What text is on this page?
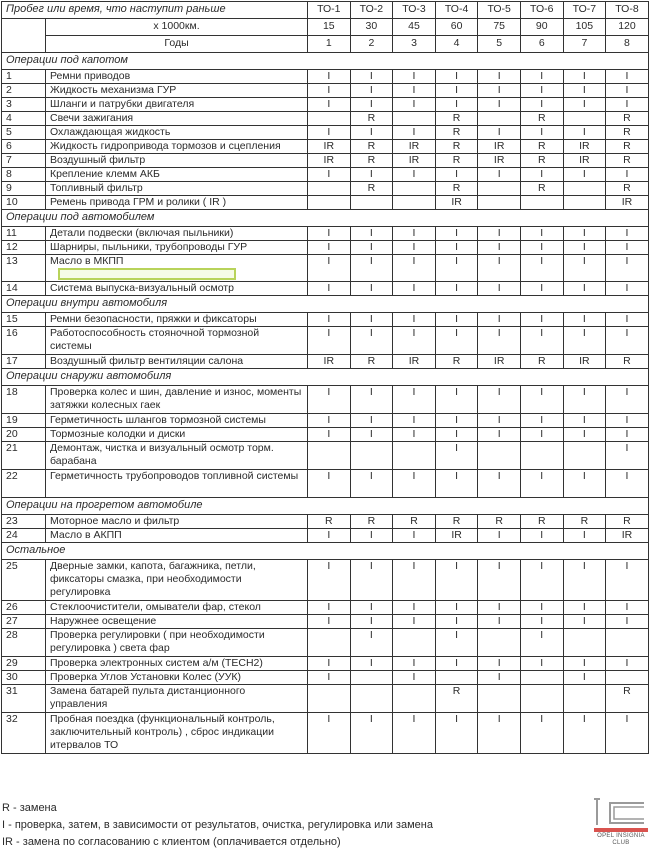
Пробег или время, что наступит раньше		ТО-1	ТО-2	ТО-3	ТО-4	ТО-5	ТО-6	ТО-7	ТО-8
	х 1000км.	15	30	45	60	75	90	105	120
	Годы	1	2	3	4	5	6	7	8
Операции под капотом									
1	Ремни приводов	I	I	I	I	I	I	I	I
2	Жидкость механизма ГУР	I	I	I	I	I	I	I	I
3	Шланги и патрубки двигателя	I	I	I	I	I	I	I	I
4	Свечи зажигания		R		R		R		R
5	Охлаждающая жидкость	I	I	I	R	I	I	I	R
6	Жидкость гидропривода тормозов и сцепления	IR	R	IR	R	IR	R	IR	R
7	Воздушный фильтр	IR	R	IR	R	IR	R	IR	R
8	Крепление клемм АКБ	I	I	I	I	I	I	I	I
9	Топливный фильтр		R		R		R		R
10	Ремень привода ГРМ и ролики ( IR )				IR				IR
Операции под автомобилем									
11	Детали подвески (включая пыльники)	I	I	I	I	I	I	I	I
12	Шарниры, пыльники, трубопроводы ГУР	I	I	I	I	I	I	I	I
13	Масло в МКПП	I	I	I	I	I	I	I	I
14	Система выпуска-визуальный осмотр	I	I	I	I	I	I	I	I
Операции внутри автомобиля									
15	Ремни безопасности, пряжки и фиксаторы	I	I	I	I	I	I	I	I
16	Работоспособность стояночной тормозной системы	I	I	I	I	I	I	I	I
17	Воздушный фильтр вентиляции салона	IR	R	IR	R	IR	R	IR	R
Операции снаружи автомобиля									
18	Проверка колес и шин, давление и износ, моменты затяжки колесных гаек	I	I	I	I	I	I	I	I
19	Герметичность шлангов тормозной системы	I	I	I	I	I	I	I	I
20	Тормозные колодки и диски	I	I	I	I	I	I	I	I
21	Демонтаж, чистка и визуальный осмотр торм. барабана				I				I
22	Герметичность трубопроводов топливной системы	I	I	I	I	I	I	I	I
Операции на прогретом автомобиле									
23	Моторное масло и фильтр	R	R	R	R	R	R	R	R
24	Масло в АКПП	I	I	I	IR	I	I	I	IR
Остальное									
25	Дверные замки, капота, багажника, петли, фиксаторы смазка, при необходимости регулировка	I	I	I	I	I	I	I	I
26	Стеклоочистители, омыватели фар, стекол	I	I	I	I	I	I	I	I
27	Наружнее освещение	I	I	I	I	I	I	I	I
28	Проверка регулировки ( при необходимости регулировка ) света фар		I		I		I		
29	Проверка электронных систем а/м (TECH2)	I	I	I	I	I	I	I	I
30	Проверка Углов Установки Колес (УУК)	I		I		I		I	
31	Замена батарей пульта дистанционного управления				R				R
32	Пробная поездка (функциональный контроль, заключительный контроль) , сброс индикации итервалов ТО	I	I	I	I	I	I	I	I
R - замена
I - проверка, затем, в зависимости от результатов, очистка, регулировка или замена
IR - замена по согласованию с клиентом (оплачивается отдельно)	OPEL INSIGNIA
CLUB
